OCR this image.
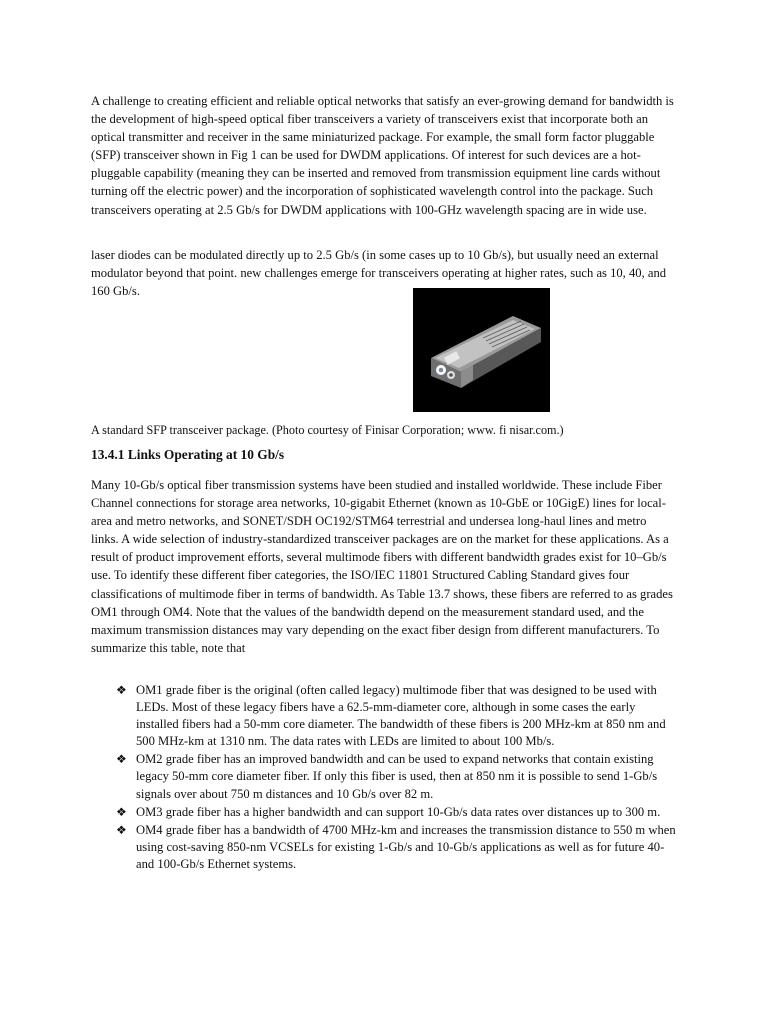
A challenge to creating efficient and reliable optical networks that satisfy an ever-growing demand for bandwidth is the development of high-speed optical fiber transceivers a variety of transceivers exist that incorporate both an optical transmitter and receiver in the same miniaturized package. For example, the small form factor pluggable (SFP) transceiver shown in Fig 1 can be used for DWDM applications. Of interest for such devices are a hot-pluggable capability (meaning they can be inserted and removed from transmission equipment line cards without turning off the electric power) and the incorporation of sophisticated wavelength control into the package. Such transceivers operating at 2.5 Gb/s for DWDM applications with 100-GHz wavelength spacing are in wide use.

laser diodes can be modulated directly up to 2.5 Gb/s (in some cases up to 10 Gb/s), but usually need an external modulator beyond that point. new challenges emerge for transceivers operating at higher rates, such as 10, 40, and 160 Gb/s.

A standard SFP transceiver package. (Photo courtesy of Finisar Corporation; www. fi nisar.com.)
13.4.1 Links Operating at 10 Gb/s

Many 10-Gb/s optical fiber transmission systems have been studied and installed worldwide. These include Fiber Channel connections for storage area networks, 10-gigabit Ethernet (known as 10-GbE or 10GigE) lines for local-area and metro networks, and SONET/SDH OC192/STM64 terrestrial and undersea long-haul lines and metro links. A wide selection of industry-standardized transceiver packages are on the market for these applications. As a result of product improvement efforts, several multimode fibers with different bandwidth grades exist for 10–Gb/s use. To identify these different fiber categories, the ISO/IEC 11801 Structured Cabling Standard gives four classifications of multimode fiber in terms of bandwidth. As Table 13.7 shows, these fibers are referred to as grades OM1 through OM4. Note that the values of the bandwidth depend on the measurement standard used, and the maximum transmission distances may vary depending on the exact fiber design from different manufacturers. To summarize this table, note that

❖ OM1 grade fiber is the original (often called legacy) multimode fiber that was designed to be used with LEDs. Most of these legacy fibers have a 62.5-mm-diameter core, although in some cases the early installed fibers had a 50-mm core diameter. The bandwidth of these fibers is 200 MHz-km at 850 nm and 500 MHz-km at 1310 nm. The data rates with LEDs are limited to about 100 Mb/s.
❖ OM2 grade fiber has an improved bandwidth and can be used to expand networks that contain existing legacy 50-mm core diameter fiber. If only this fiber is used, then at 850 nm it is possible to send 1-Gb/s signals over about 750 m distances and 10 Gb/s over 82 m.
❖ OM3 grade fiber has a higher bandwidth and can support 10-Gb/s data rates over distances up to 300 m.
❖ OM4 grade fiber has a bandwidth of 4700 MHz-km and increases the transmission distance to 550 m when using cost-saving 850-nm VCSELs for existing 1-Gb/s and 10-Gb/s applications as well as for future 40- and 100-Gb/s Ethernet systems.
